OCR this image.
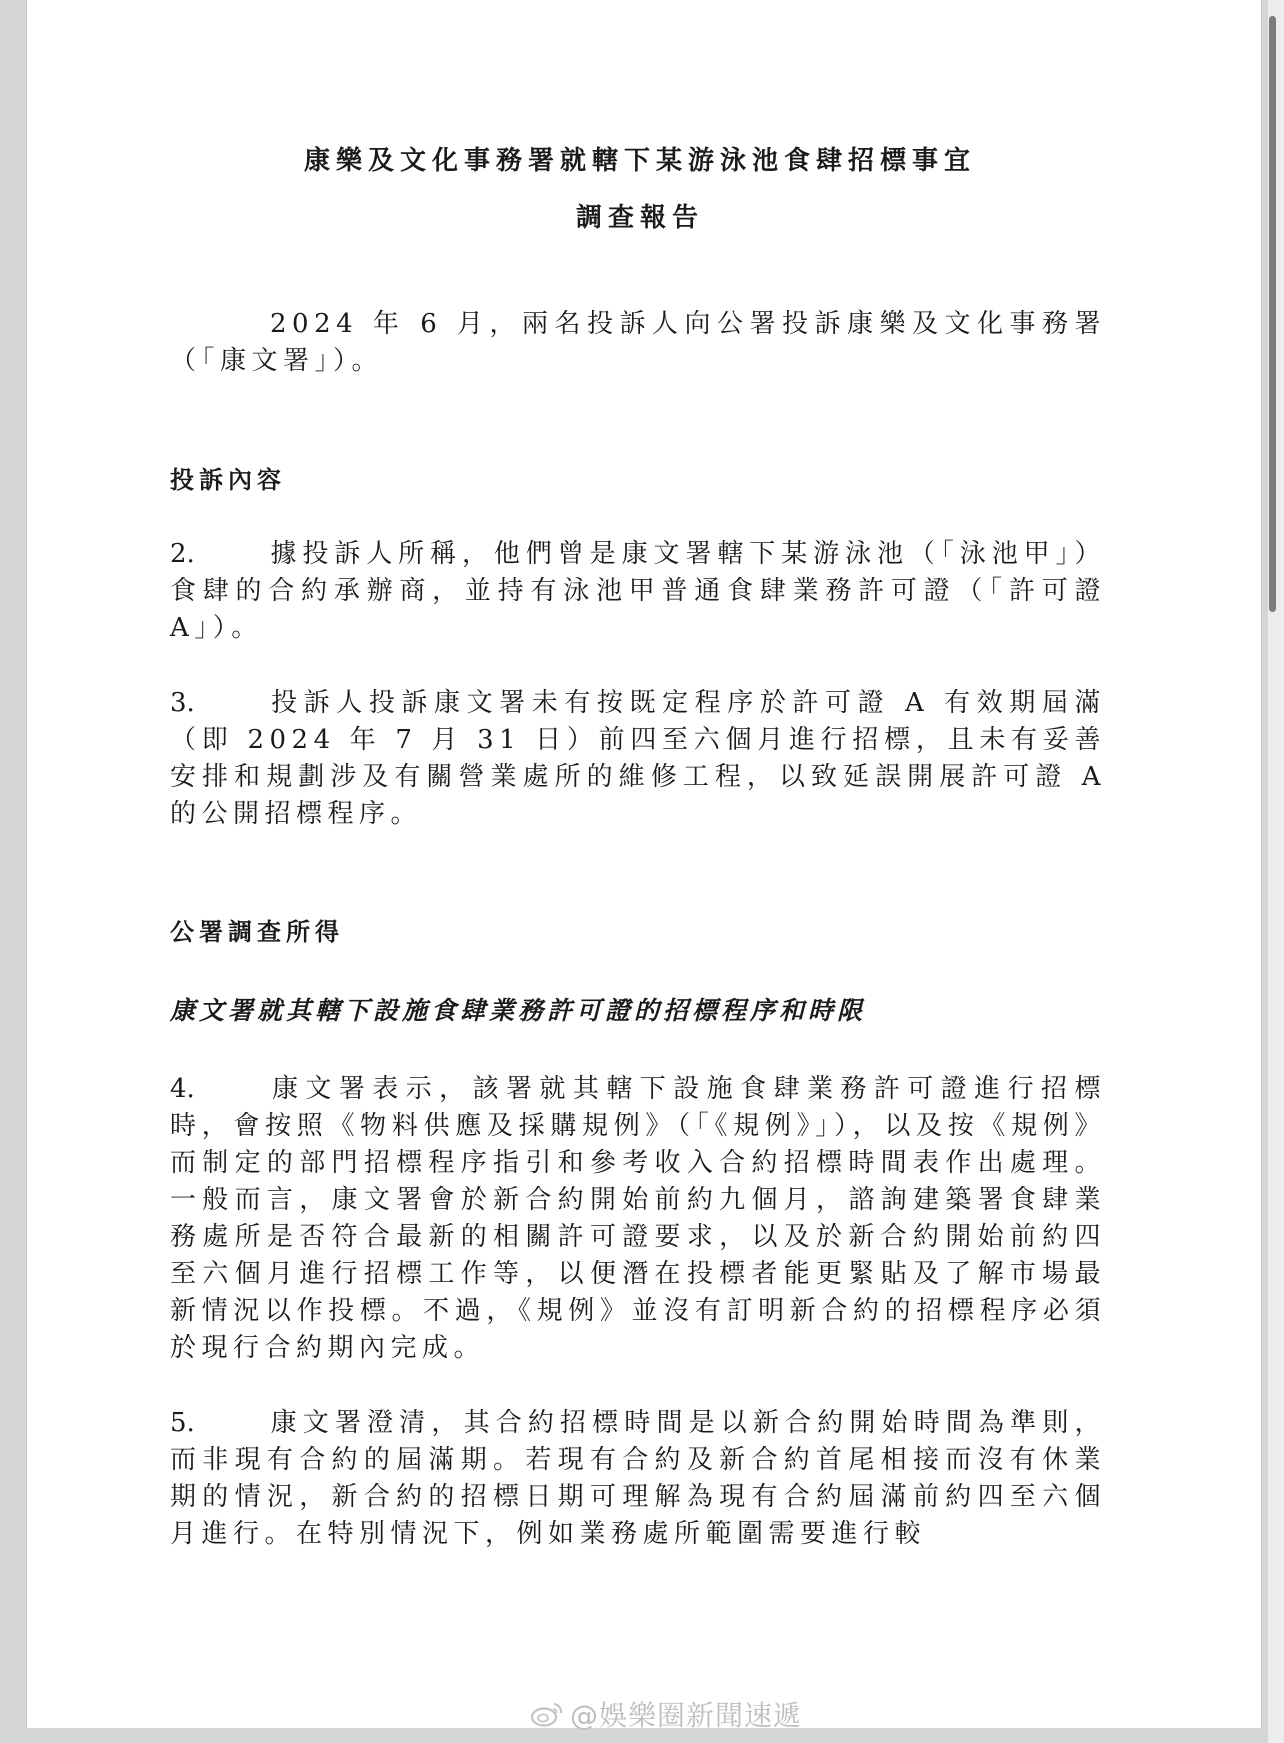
康樂及文化事務署就轄下某游泳池食肆招標事宜
調查報告
2024 年 6 月，兩名投訴人向公署投訴康樂及文化事務署（「康文署」）。
投訴內容
2.	據投訴人所稱，他們曾是康文署轄下某游泳池（「泳池甲」）食肆的合約承辦商，並持有泳池甲普通食肆業務許可證（「許可證 A」）。
3.	投訴人投訴康文署未有按既定程序於許可證 A 有效期屆滿（即 2024 年 7 月 31 日）前四至六個月進行招標，且未有妥善安排和規劃涉及有關營業處所的維修工程，以致延誤開展許可證 A 的公開招標程序。
公署調查所得
康文署就其轄下設施食肆業務許可證的招標程序和時限
4.	康文署表示，該署就其轄下設施食肆業務許可證進行招標時，會按照《物料供應及採購規例》（「《規例》」），以及按《規例》而制定的部門招標程序指引和參考收入合約招標時間表作出處理。一般而言，康文署會於新合約開始前約九個月，諮詢建築署食肆業務處所是否符合最新的相關許可證要求，以及於新合約開始前約四至六個月進行招標工作等，以便潛在投標者能更緊貼及了解市場最新情況以作投標。不過，《規例》並沒有訂明新合約的招標程序必須於現行合約期內完成。
5.	康文署澄清，其合約招標時間是以新合約開始時間為準則，而非現有合約的屆滿期。若現有合約及新合約首尾相接而沒有休業期的情況，新合約的招標日期可理解為現有合約屆滿前約四至六個月進行。在特別情況下，例如業務處所範圍需要進行較
@娛樂圈新聞速遞
